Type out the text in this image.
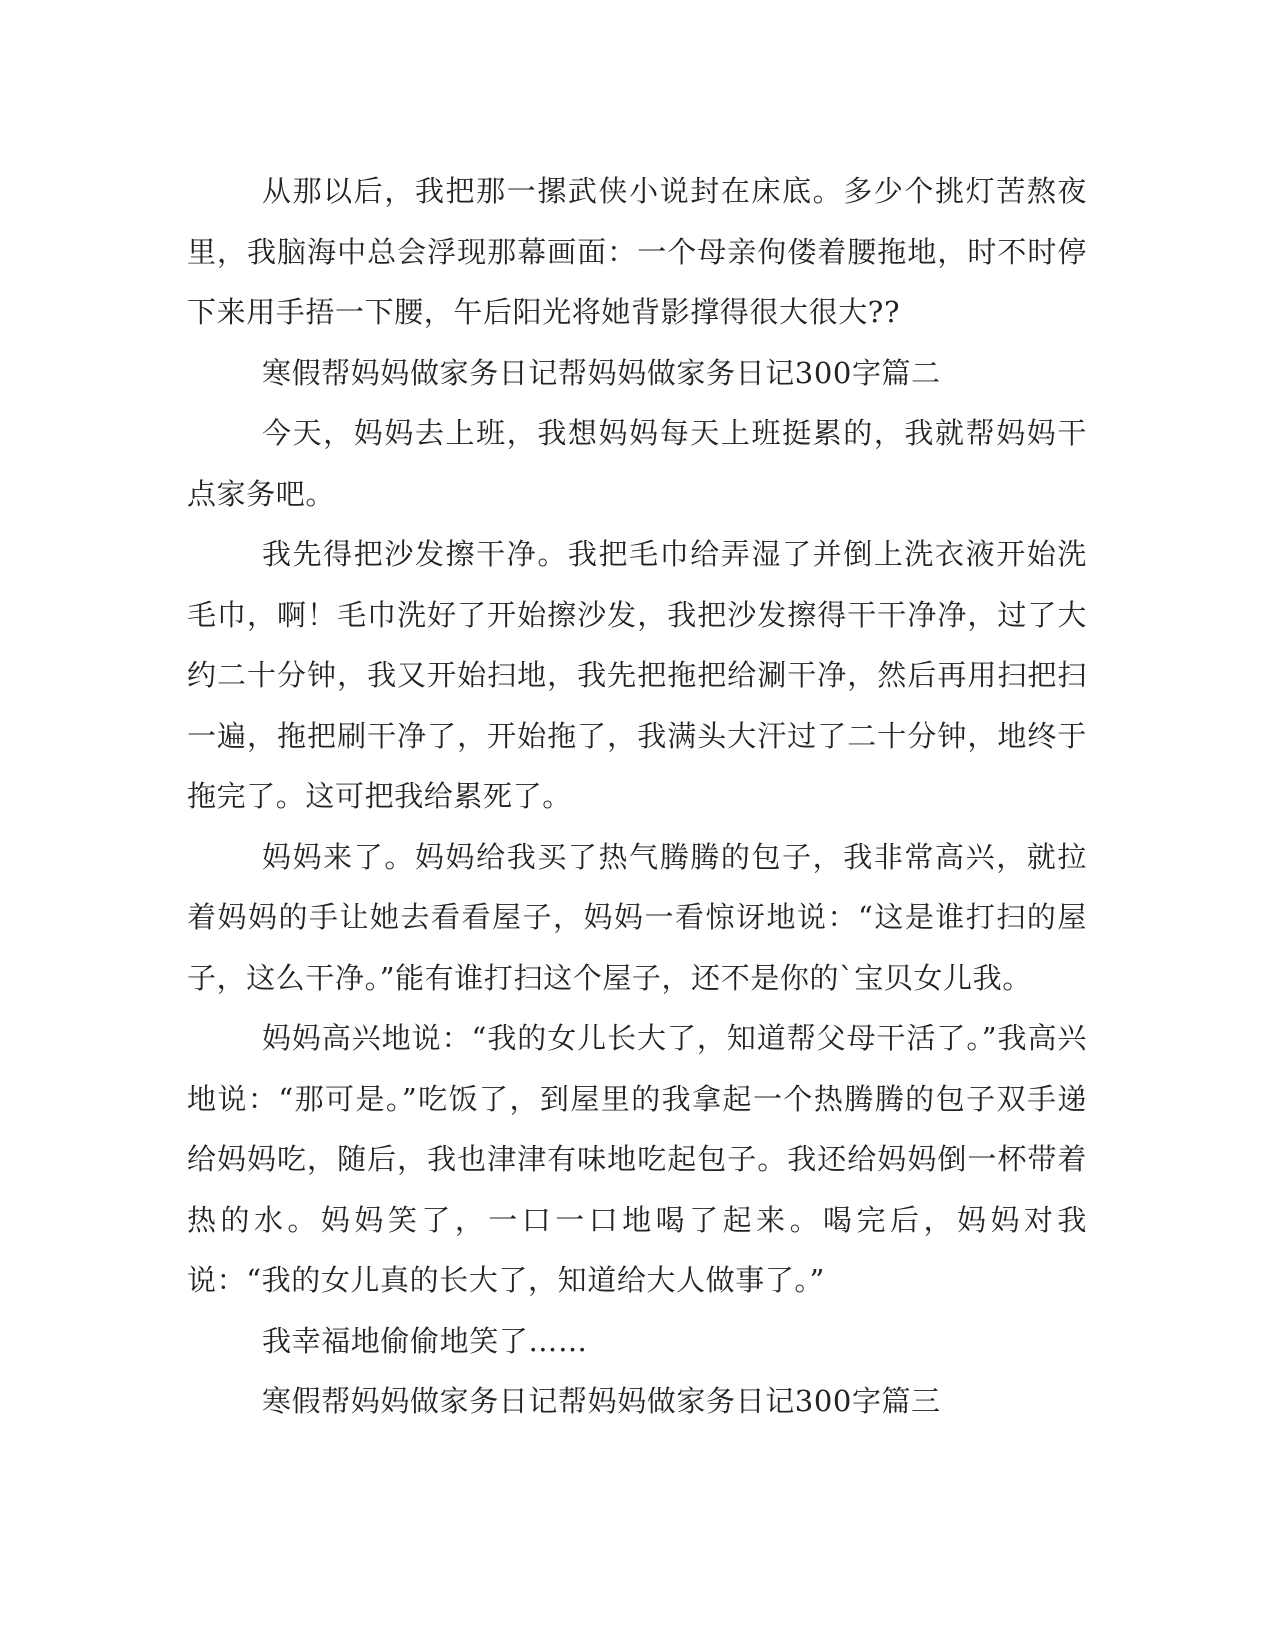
从那以后，我把那一摞武侠小说封在床底。多少个挑灯苦熬夜里，我脑海中总会浮现那幕画面：一个母亲佝偻着腰拖地，时不时停下来用手捂一下腰，午后阳光将她背影撑得很大很大??

寒假帮妈妈做家务日记帮妈妈做家务日记300字篇二

今天，妈妈去上班，我想妈妈每天上班挺累的，我就帮妈妈干点家务吧。

我先得把沙发擦干净。我把毛巾给弄湿了并倒上洗衣液开始洗毛巾，啊！毛巾洗好了开始擦沙发，我把沙发擦得干干净净，过了大约二十分钟，我又开始扫地，我先把拖把给涮干净，然后再用扫把扫一遍，拖把刷干净了，开始拖了，我满头大汗过了二十分钟，地终于拖完了。这可把我给累死了。

妈妈来了。妈妈给我买了热气腾腾的包子，我非常高兴，就拉着妈妈的手让她去看看屋子，妈妈一看惊讶地说：“这是谁打扫的屋子，这么干净。”能有谁打扫这个屋子，还不是你的`宝贝女儿我。

妈妈高兴地说：“我的女儿长大了，知道帮父母干活了。”我高兴地说：“那可是。”吃饭了，到屋里的我拿起一个热腾腾的包子双手递给妈妈吃，随后，我也津津有味地吃起包子。我还给妈妈倒一杯带着热的水。妈妈笑了，一口一口地喝了起来。喝完后，妈妈对我说：“我的女儿真的长大了，知道给大人做事了。”

我幸福地偷偷地笑了……

寒假帮妈妈做家务日记帮妈妈做家务日记300字篇三
